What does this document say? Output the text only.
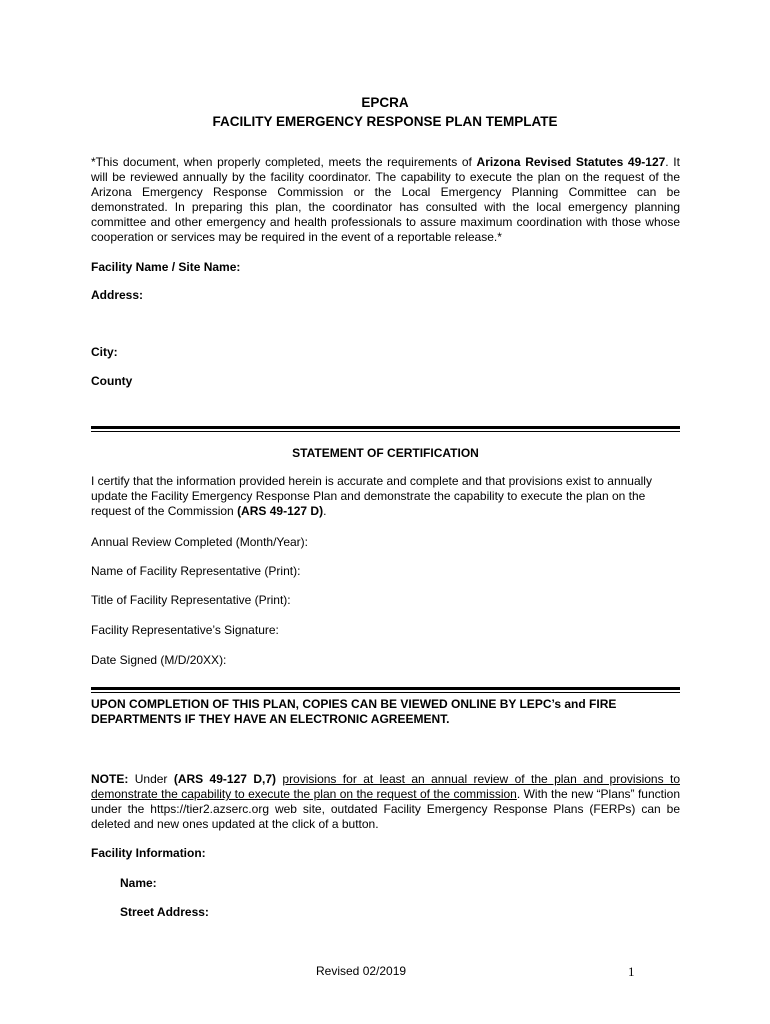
EPCRA
FACILITY EMERGENCY RESPONSE PLAN TEMPLATE
*This document, when properly completed, meets the requirements of Arizona Revised Statutes 49-127. It will be reviewed annually by the facility coordinator. The capability to execute the plan on the request of the Arizona Emergency Response Commission or the Local Emergency Planning Committee can be demonstrated. In preparing this plan, the coordinator has consulted with the local emergency planning committee and other emergency and health professionals to assure maximum coordination with those whose cooperation or services may be required in the event of a reportable release.*
Facility Name / Site Name:
Address:
City:
County
STATEMENT OF CERTIFICATION
I certify that the information provided herein is accurate and complete and that provisions exist to annually update the Facility Emergency Response Plan and demonstrate the capability to execute the plan on the request of the Commission (ARS 49-127 D).
Annual Review Completed (Month/Year):
Name of Facility Representative (Print):
Title of Facility Representative (Print):
Facility Representative’s Signature:
Date Signed (M/D/20XX):
UPON COMPLETION OF THIS PLAN, COPIES CAN BE VIEWED ONLINE BY LEPC’s and FIRE DEPARTMENTS IF THEY HAVE AN ELECTRONIC AGREEMENT.
NOTE: Under (ARS 49-127 D,7) provisions for at least an annual review of the plan and provisions to demonstrate the capability to execute the plan on the request of the commission. With the new “Plans” function under the https://tier2.azserc.org web site, outdated Facility Emergency Response Plans (FERPs) can be deleted and new ones updated at the click of a button.
Facility Information:
Name:
Street Address:
Revised 02/2019	1
